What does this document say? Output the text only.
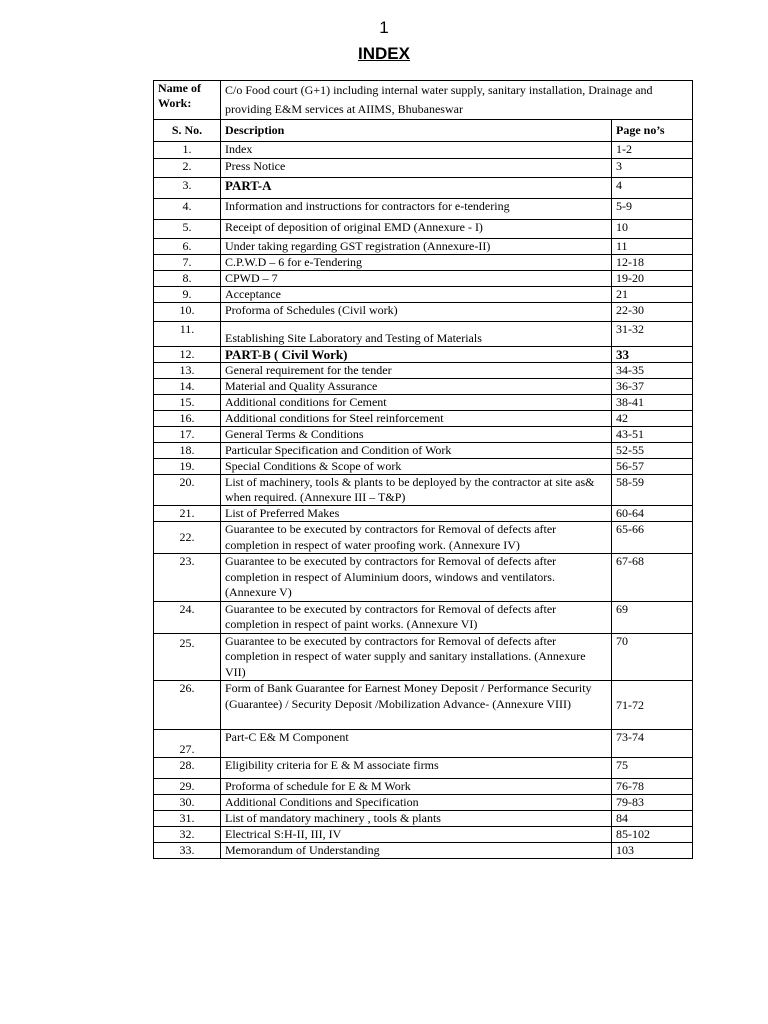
1
INDEX
Name of Work:	C/o Food court (G+1) including internal water supply, sanitary installation, Drainage and providing E&M services at AIIMS, Bhubaneswar	
S. No.	Description	Page no’s
1.	Index	1-2
2.	Press Notice	3
3.	PART-A	4
4.	Information and instructions for contractors for e-tendering	5-9
5.	Receipt of deposition of original EMD (Annexure - I)	10
6.	Under taking regarding GST registration (Annexure-II)	11
7.	C.P.W.D – 6 for e-Tendering	12-18
8.	CPWD – 7	19-20
9.	Acceptance	21
10.	Proforma of Schedules (Civil work)	22-30
11.	Establishing Site Laboratory and Testing of Materials	31-32
12.	PART-B ( Civil Work)	33
13.	General requirement for the tender	34-35
14.	Material and Quality Assurance	36-37
15.	Additional conditions for Cement	38-41
16.	Additional conditions for Steel reinforcement	42
17.	General Terms & Conditions	43-51
18.	Particular Specification and Condition of Work	52-55
19.	Special Conditions & Scope of work	56-57
20.	List of machinery, tools & plants to be deployed by the contractor at site as& when required. (Annexure III – T&P)	58-59
21.	List of Preferred Makes	60-64
22.	Guarantee to be executed by contractors for Removal of defects after completion in respect of water proofing work. (Annexure IV)	65-66
23.	Guarantee to be executed by contractors for Removal of defects after completion in respect of Aluminium doors, windows and ventilators. (Annexure V)	67-68
24.	Guarantee to be executed by contractors for Removal of defects after completion in respect of paint works. (Annexure VI)	69
25.	Guarantee to be executed by contractors for Removal of defects after completion in respect of water supply and sanitary installations. (Annexure VII)	70
26.	Form of Bank Guarantee for Earnest Money Deposit / Performance Security (Guarantee) / Security Deposit /Mobilization Advance- (Annexure VIII)	71-72
27.	Part-C E& M Component	73-74
28.	Eligibility criteria for E & M associate firms	75
29.	Proforma of schedule for E & M Work	76-78
30.	Additional Conditions and Specification	79-83
31.	List of mandatory machinery , tools & plants	84
32.	Electrical S:H-II, III, IV	85-102
33.	Memorandum of Understanding	103
